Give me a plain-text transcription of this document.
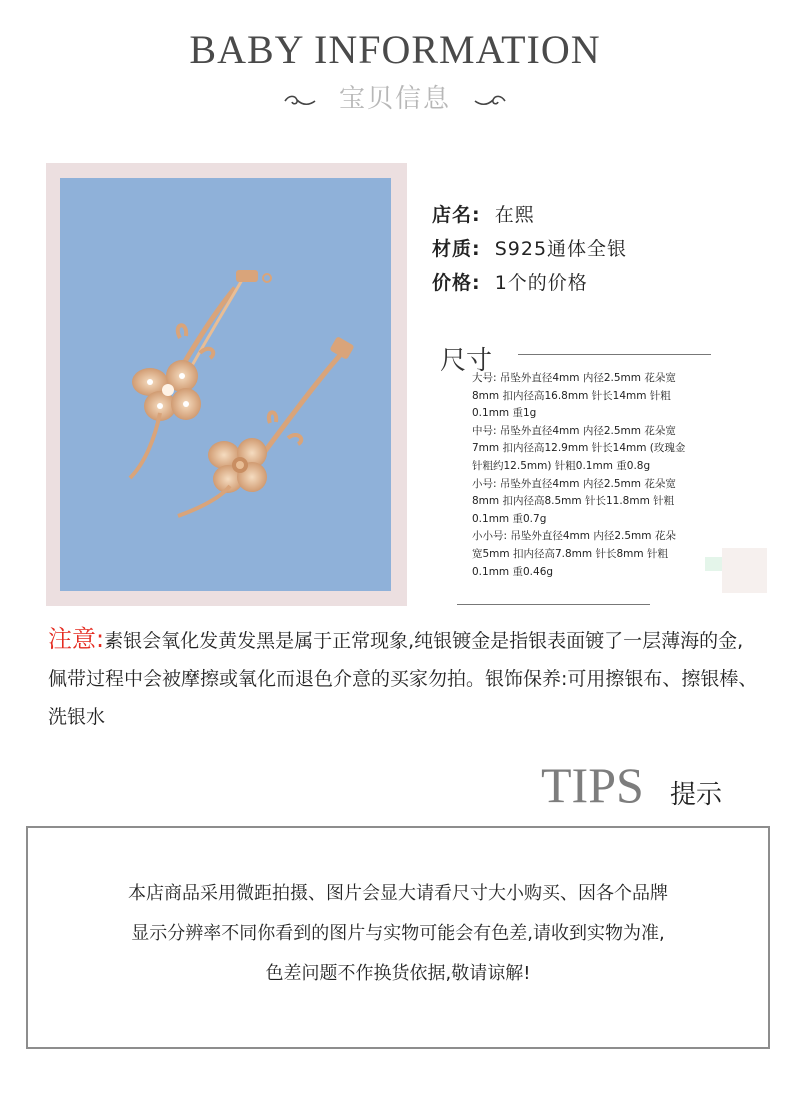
BABY INFORMATION
宝贝信息
店名: 在熙
材质: S925通体全银
价格: 1个的价格
尺寸
大号: 吊坠外直径4mm 内径2.5mm 花朵宽
8mm 扣内径高16.8mm 针长14mm 针粗
0.1mm 重1g
中号: 吊坠外直径4mm 内径2.5mm 花朵宽
7mm 扣内径高12.9mm 针长14mm (玫瑰金
针粗约12.5mm) 针粗0.1mm 重0.8g
小号: 吊坠外直径4mm 内径2.5mm 花朵宽
8mm 扣内径高8.5mm 针长11.8mm 针粗
0.1mm 重0.7g
小小号: 吊坠外直径4mm 内径2.5mm 花朵
宽5mm 扣内径高7.8mm 针长8mm 针粗
0.1mm 重0.46g
注意:素银会氧化发黄发黑是属于正常现象,纯银镀金是指银表面镀了一层薄海的金,佩带过程中会被摩擦或氧化而退色介意的买家勿拍。银饰保养:可用擦银布、擦银棒、洗银水
TIPS 提示
本店商品采用微距拍摄、图片会显大请看尺寸大小购买、因各个品牌
显示分辨率不同你看到的图片与实物可能会有色差,请收到实物为准,
色差问题不作换货依据,敬请谅解!
